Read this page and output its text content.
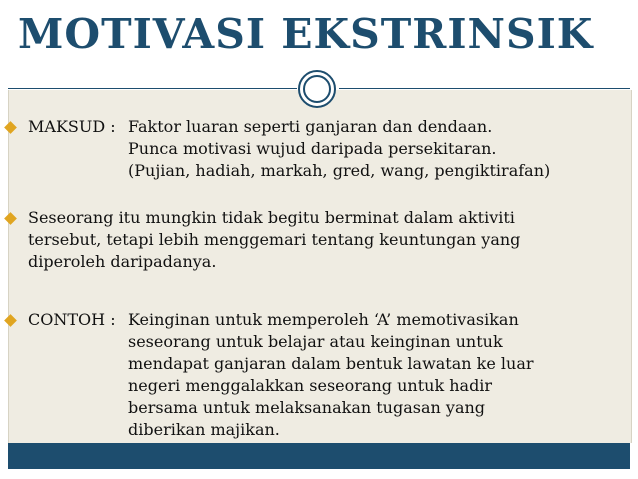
MOTIVASI EKSTRINSIK
MAKSUD : Faktor luaran seperti ganjaran dan dendaan.
Punca motivasi wujud daripada persekitaran.
(Pujian, hadiah, markah, gred, wang, pengiktirafan)
Seseorang itu mungkin tidak begitu berminat dalam aktiviti
tersebut, tetapi lebih menggemari tentang keuntungan yang
diperoleh daripadanya.
CONTOH : Keinginan untuk memperoleh ‘A’ memotivasikan
seseorang untuk belajar atau keinginan untuk
mendapat ganjaran dalam bentuk lawatan ke luar
negeri menggalakkan seseorang untuk hadir
bersama untuk melaksanakan tugasan yang
diberikan majikan.
